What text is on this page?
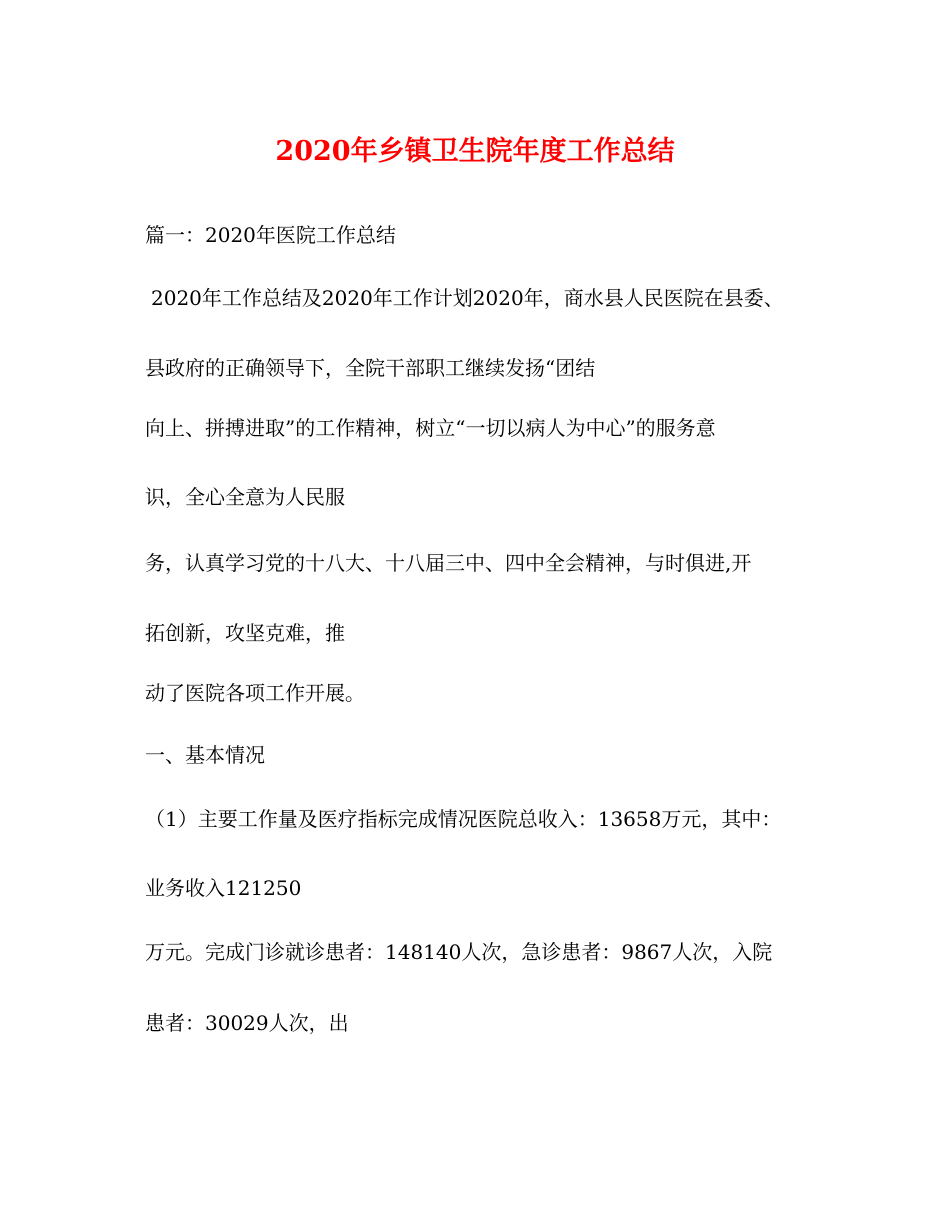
2020年乡镇卫生院年度工作总结
篇一：2020年医院工作总结
2020年工作总结及2020年工作计划2020年，商水县人民医院在县委、
县政府的正确领导下，全院干部职工继续发扬“团结
向上、拼搏进取”的工作精神，树立“一切以病人为中心”的服务意
识，全心全意为人民服
务，认真学习党的十八大、十八届三中、四中全会精神，与时俱进,开
拓创新，攻坚克难，推
动了医院各项工作开展。
一、基本情况
（1）主要工作量及医疗指标完成情况医院总收入：13658万元，其中：
业务收入121250
万元。完成门诊就诊患者：148140人次，急诊患者：9867人次，入院
患者：30029人次，出
